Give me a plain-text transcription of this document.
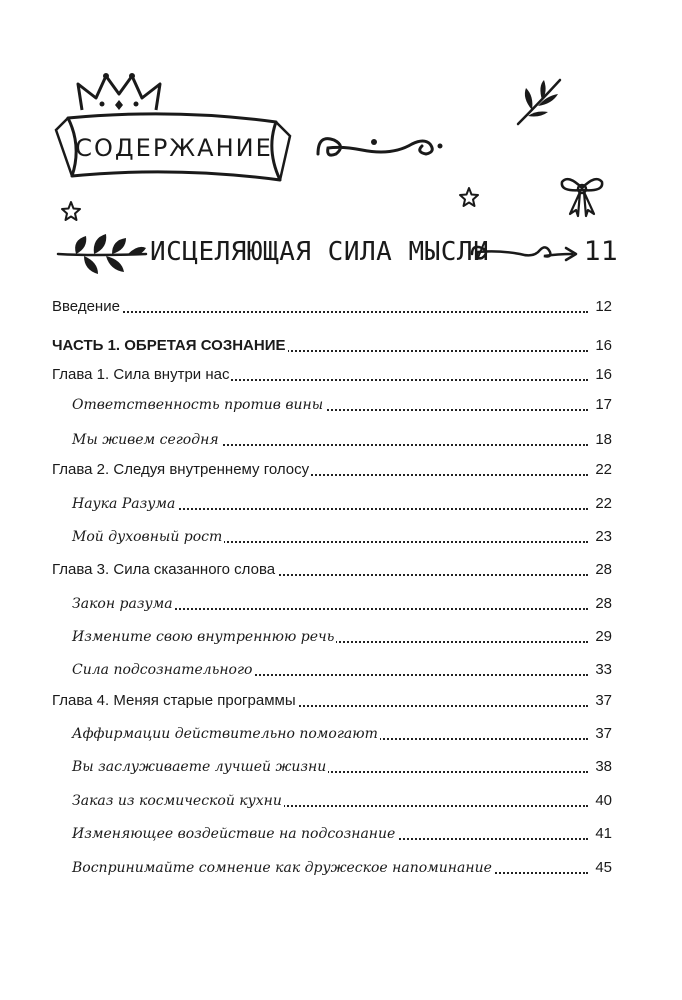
СОДЕРЖАНИЕ
ИСЦЕЛЯЮЩАЯ СИЛА МЫСЛИ	11
Введение	12
ЧАСТЬ 1. ОБРЕТАЯ СОЗНАНИЕ	16
Глава 1. Сила внутри нас	16
Ответственность против вины	17
Мы живем сегодня	18
Глава 2. Следуя внутреннему голосу	22
Наука Разума	22
Мой духовный рост	23
Глава 3. Сила сказанного слова	28
Закон разума	28
Измените свою внутреннюю речь	29
Сила подсознательного	33
Глава 4. Меняя старые программы	37
Аффирмации действительно помогают	37
Вы заслуживаете лучшей жизни	38
Заказ из космической кухни	40
Изменяющее воздействие на подсознание	41
Воспринимайте сомнение как дружеское напоминание	45
